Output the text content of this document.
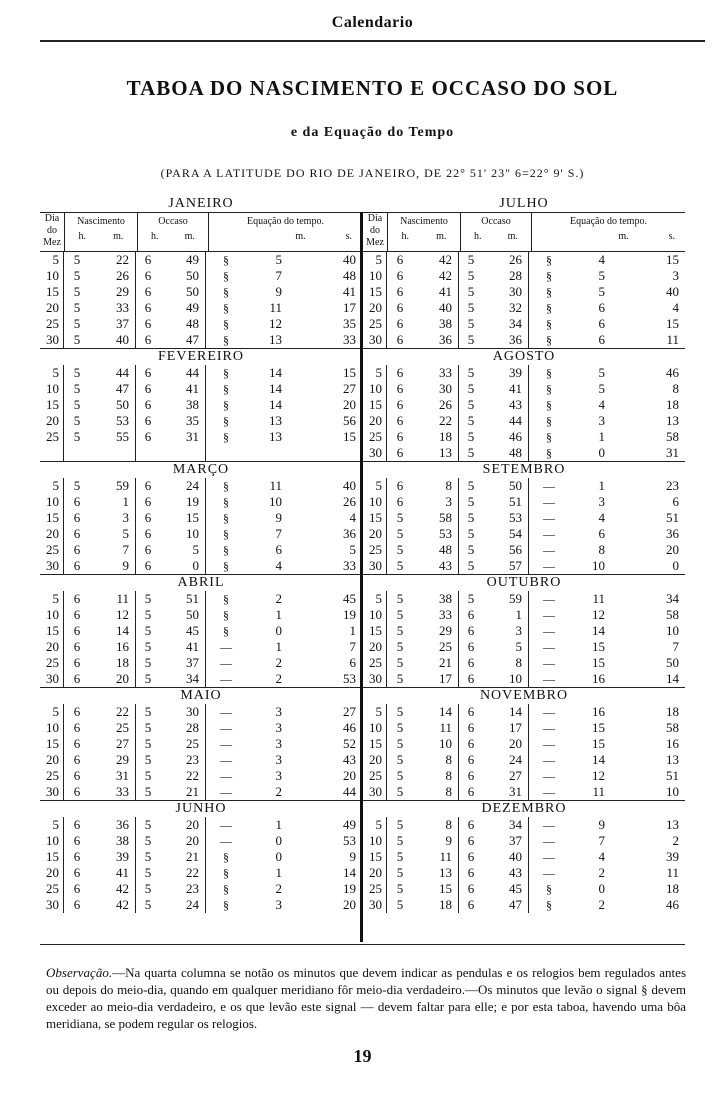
Calendario
TABOA DO NASCIMENTO E OCCASO DO SOL
e da Equação do Tempo
(PARA A LATITUDE DO RIO DE JANEIRO, DE 22° 51' 23" 6=22° 9' S.)
JANEIRO
Dia
do
Mez
Nascimento
h.	m.
Occaso
h.	m.
Equação do tempo.
m.	s.
5	5	22	6	49	§	5	40
10	5	26	6	50	§	7	48
15	5	29	6	50	§	9	41
20	5	33	6	49	§	11	17
25	5	37	6	48	§	12	35
30	5	40	6	47	§	13	33
FEVEREIRO
5	5	44	6	44	§	14	15
10	5	47	6	41	§	14	27
15	5	50	6	38	§	14	20
20	5	53	6	35	§	13	56
25	5	55	6	31	§	13	15
MARÇO
5	5	59	6	24	§	11	40
10	6	1	6	19	§	10	26
15	6	3	6	15	§	9	4
20	6	5	6	10	§	7	36
25	6	7	6	5	§	6	5
30	6	9	6	0	§	4	33
ABRIL
5	6	11	5	51	§	2	45
10	6	12	5	50	§	1	19
15	6	14	5	45	§	0	1
20	6	16	5	41	—	1	7
25	6	18	5	37	—	2	6
30	6	20	5	34	—	2	53
MAIO
5	6	22	5	30	—	3	27
10	6	25	5	28	—	3	46
15	6	27	5	25	—	3	52
20	6	29	5	23	—	3	43
25	6	31	5	22	—	3	20
30	6	33	5	21	—	2	44
JUNHO
5	6	36	5	20	—	1	49
10	6	38	5	20	—	0	53
15	6	39	5	21	§	0	9
20	6	41	5	22	§	1	14
25	6	42	5	23	§	2	19
30	6	42	5	24	§	3	20
JULHO
Dia
do
Mez
Nascimento
h.	m.
Occaso
h.	m.
Equação do tempo.
m.	s.
5	6	42	5	26	§	4	15
10	6	42	5	28	§	5	3
15	6	41	5	30	§	5	40
20	6	40	5	32	§	6	4
25	6	38	5	34	§	6	15
30	6	36	5	36	§	6	11
AGOSTO
5	6	33	5	39	§	5	46
10	6	30	5	41	§	5	8
15	6	26	5	43	§	4	18
20	6	22	5	44	§	3	13
25	6	18	5	46	§	1	58
30	6	13	5	48	§	0	31
SETEMBRO
5	6	8	5	50	—	1	23
10	6	3	5	51	—	3	6
15	5	58	5	53	—	4	51
20	5	53	5	54	—	6	36
25	5	48	5	56	—	8	20
30	5	43	5	57	—	10	0
OUTUBRO
5	5	38	5	59	—	11	34
10	5	33	6	1	—	12	58
15	5	29	6	3	—	14	10
20	5	25	6	5	—	15	7
25	5	21	6	8	—	15	50
30	5	17	6	10	—	16	14
NOVEMBRO
5	5	14	6	14	—	16	18
10	5	11	6	17	—	15	58
15	5	10	6	20	—	15	16
20	5	8	6	24	—	14	13
25	5	8	6	27	—	12	51
30	5	8	6	31	—	11	10
DEZEMBRO
5	5	8	6	34	—	9	13
10	5	9	6	37	—	7	2
15	5	11	6	40	—	4	39
20	5	13	6	43	—	2	11
25	5	15	6	45	§	0	18
30	5	18	6	47	§	2	46
Observação.—Na quarta columna se notão os minutos que devem indicar as pendulas e os relogios bem regulados antes ou depois do meio-dia, quando em qualquer meridiano fôr meio-dia verdadeiro.—Os minutos que levão o signal § devem exceder ao meio-dia verdadeiro, e os que levão este signal — devem faltar para elle; e por esta taboa, havendo uma bôa meridiana, se podem regular os relogios.
19
